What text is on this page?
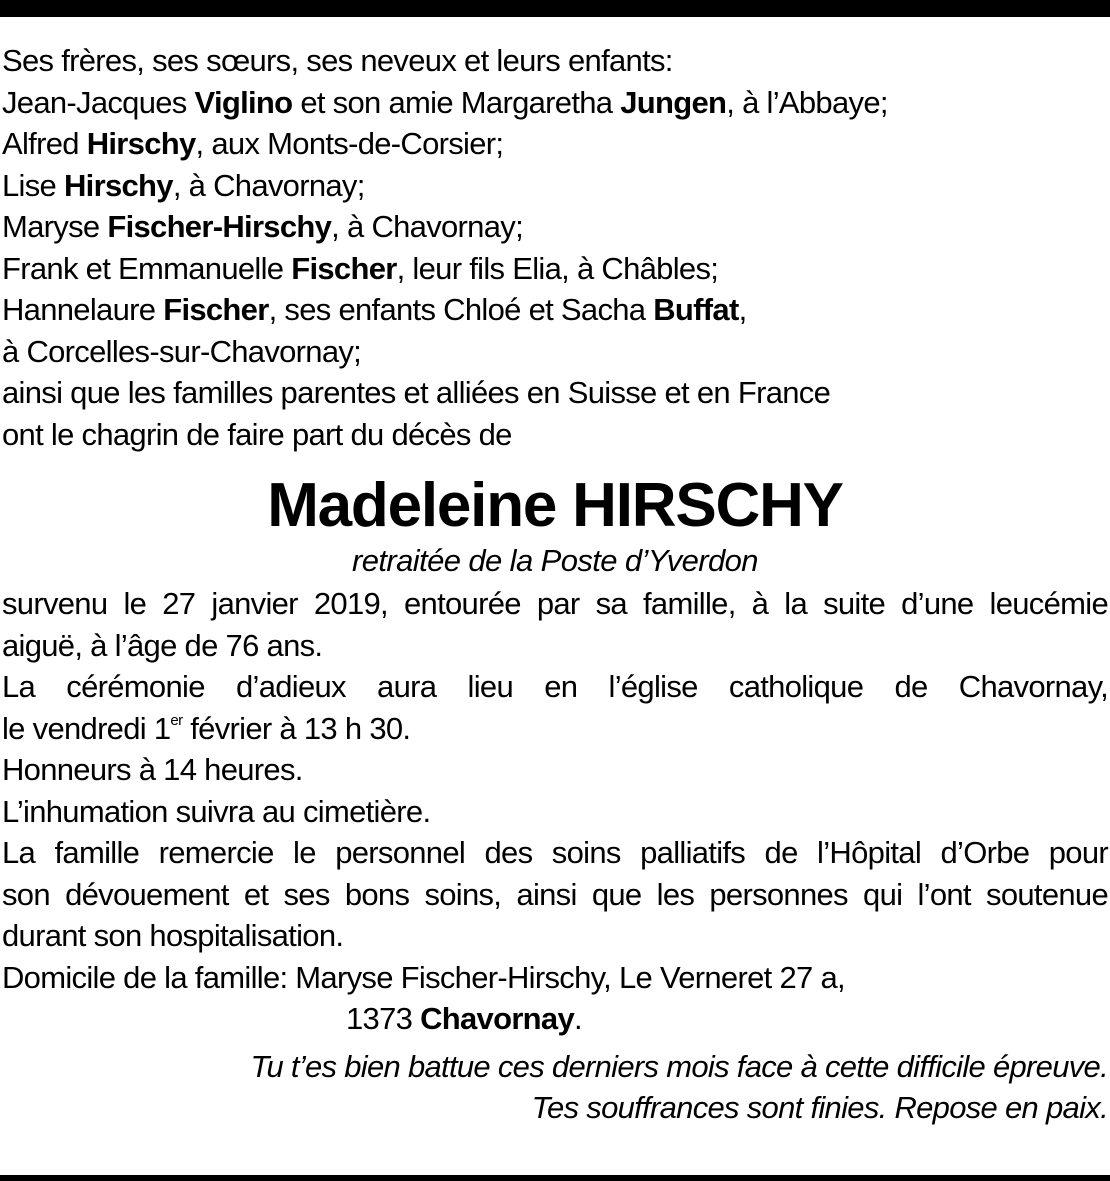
Ses frères, ses sœurs, ses neveux et leurs enfants:
Jean-Jacques Viglino et son amie Margaretha Jungen, à l’Abbaye;
Alfred Hirschy, aux Monts-de-Corsier;
Lise Hirschy, à Chavornay;
Maryse Fischer-Hirschy, à Chavornay;
Frank et Emmanuelle Fischer, leur fils Elia, à Châbles;
Hannelaure Fischer, ses enfants Chloé et Sacha Buffat,
à Corcelles-sur-Chavornay;
ainsi que les familles parentes et alliées en Suisse et en France
ont le chagrin de faire part du décès de
Madeleine HIRSCHY
retraitée de la Poste d’Yverdon
survenu le 27 janvier 2019, entourée par sa famille, à la suite d’une leucémie
aiguë, à l’âge de 76 ans.
La cérémonie d’adieux aura lieu en l’église catholique de Chavornay,
le vendredi 1er février à 13 h 30.
Honneurs à 14 heures.
L’inhumation suivra au cimetière.
La famille remercie le personnel des soins palliatifs de l’Hôpital d’Orbe pour
son dévouement et ses bons soins, ainsi que les personnes qui l’ont soutenue
durant son hospitalisation.
Domicile de la famille: Maryse Fischer-Hirschy, Le Verneret 27 a,
1373 Chavornay.
Tu t’es bien battue ces derniers mois face à cette difficile épreuve.
Tes souffrances sont finies. Repose en paix.
